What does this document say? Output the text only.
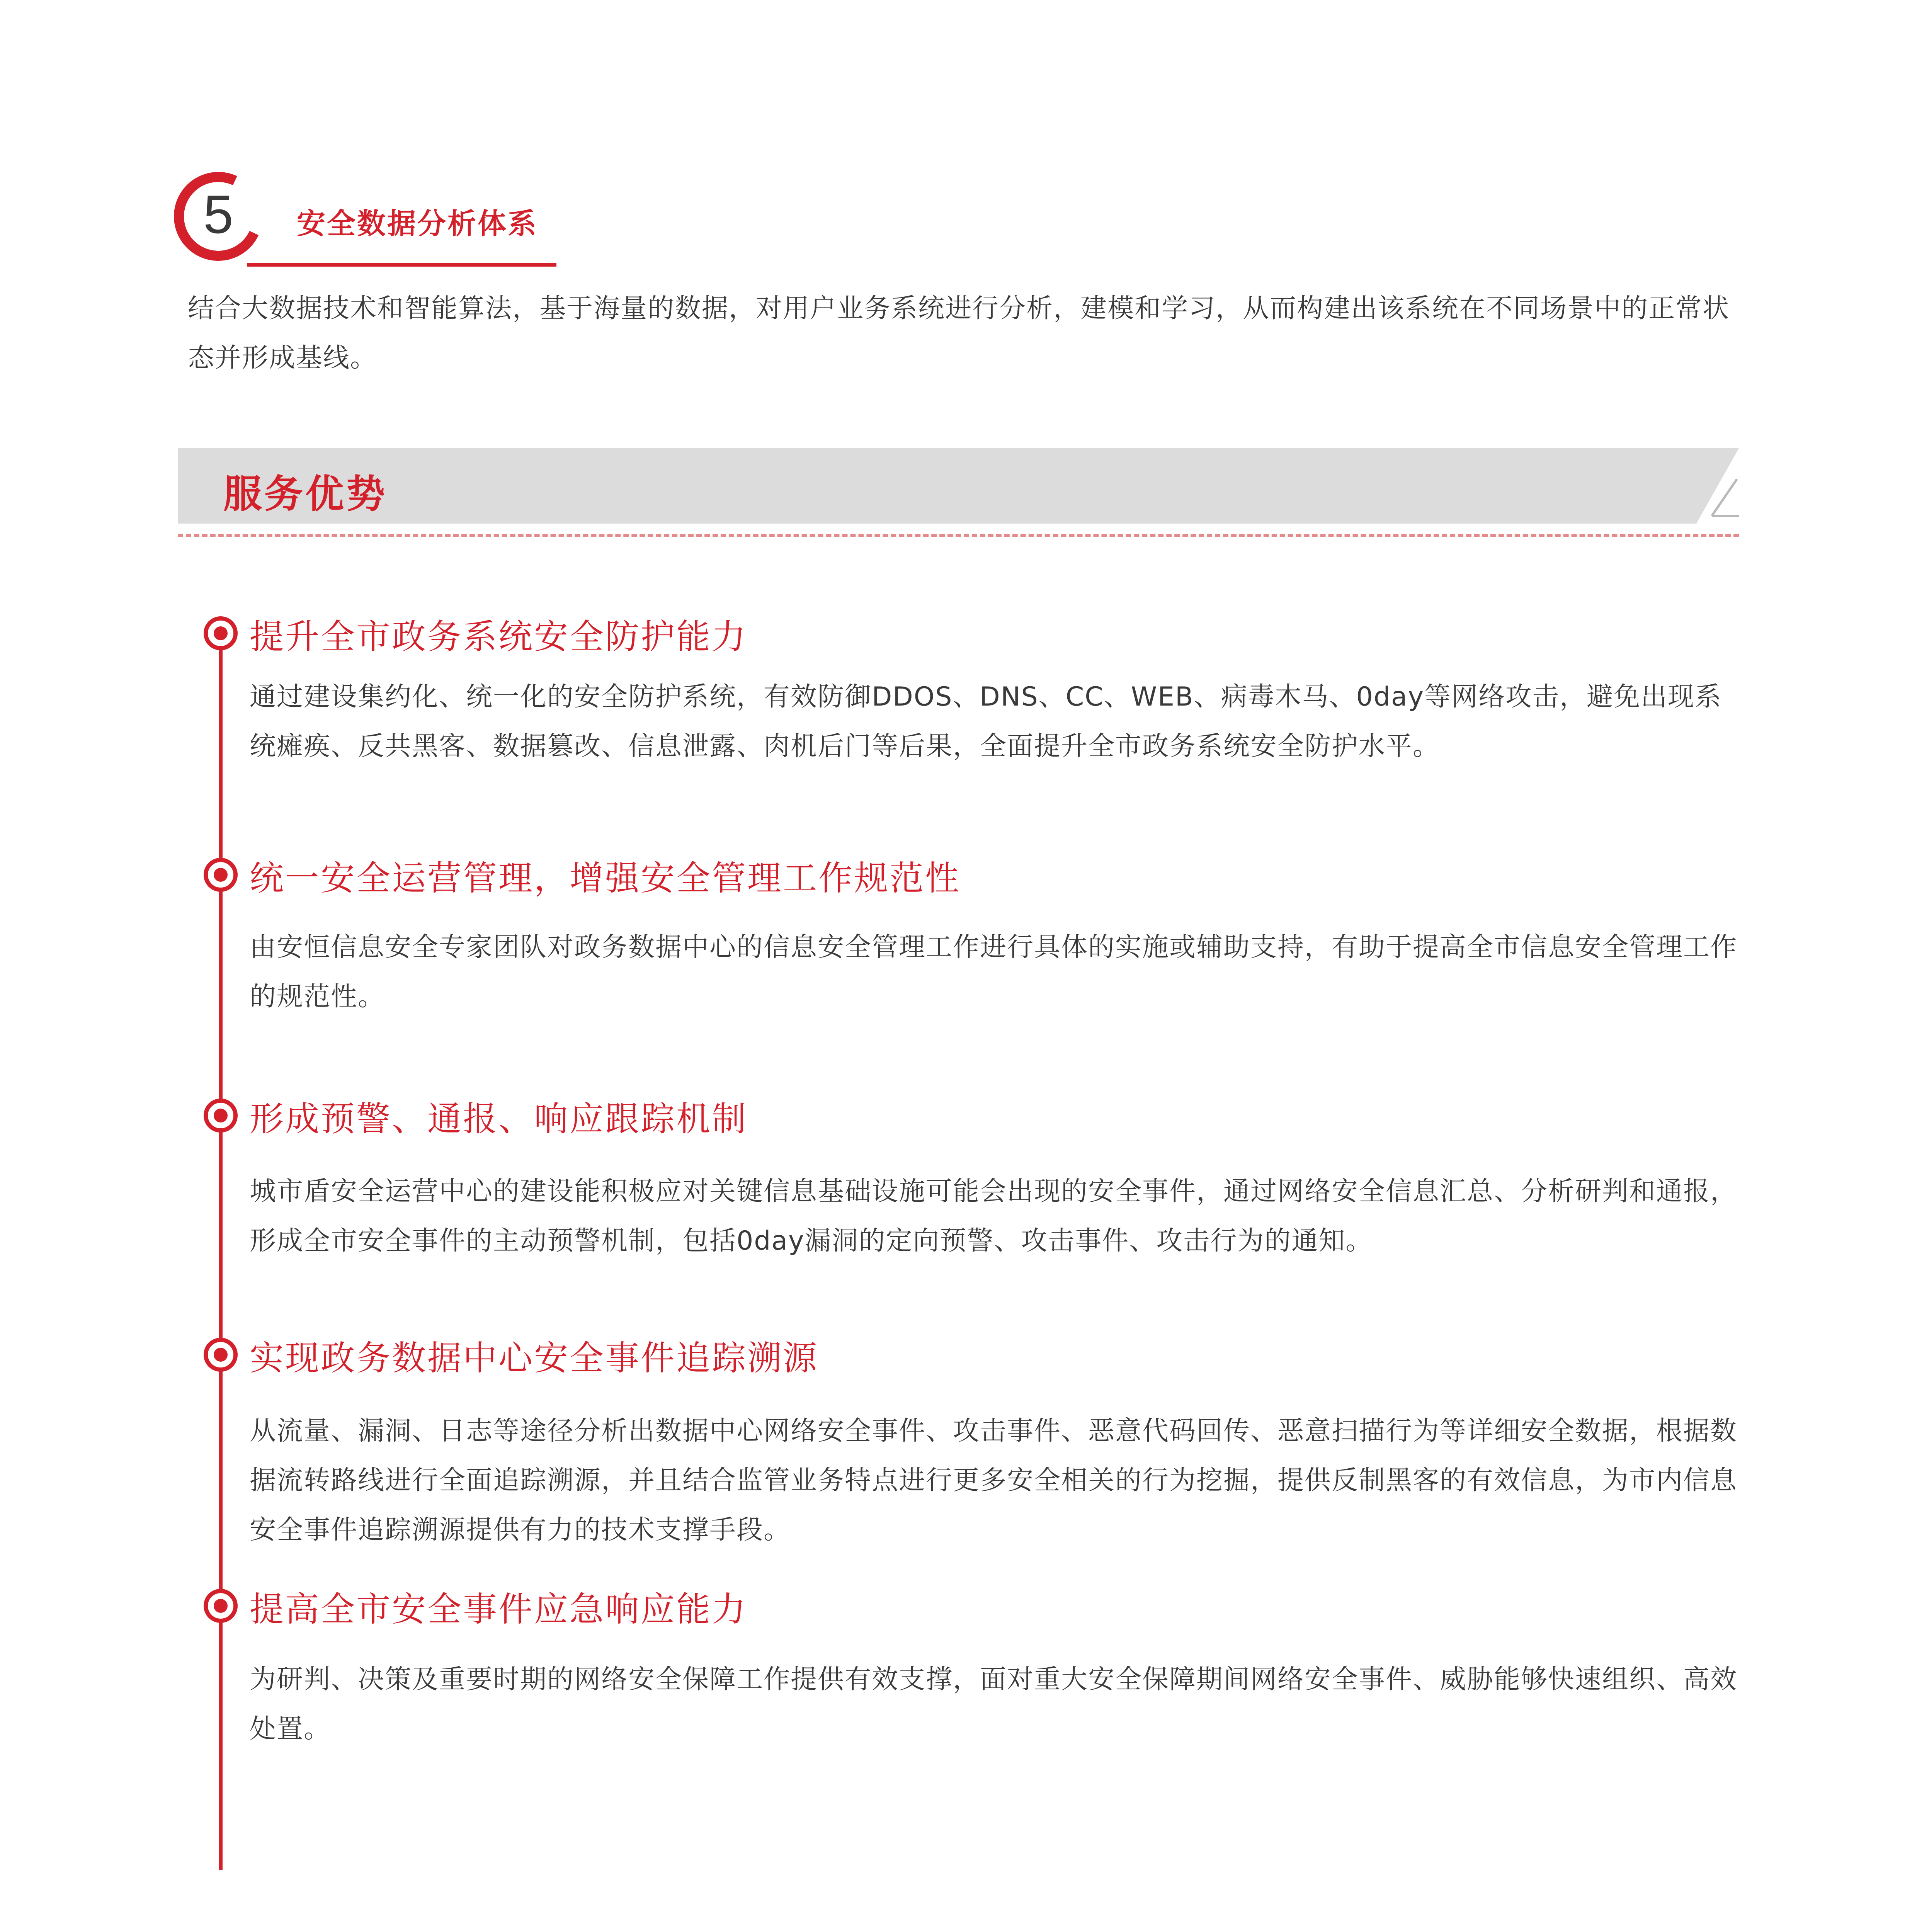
5	安全数据分析体系
结合大数据技术和智能算法，基于海量的数据，对用户业务系统进行分析，建模和学习，从而构建出该系统在不同场景中的正常状态并形成基线。
服务优势
提升全市政务系统安全防护能力
通过建设集约化、统一化的安全防护系统，有效防御DDOS、DNS、CC、WEB、病毒木马、0day等网络攻击，避免出现系统瘫痪、反共黑客、数据篡改、信息泄露、肉机后门等后果，全面提升全市政务系统安全防护水平。
统一安全运营管理，增强安全管理工作规范性
由安恒信息安全专家团队对政务数据中心的信息安全管理工作进行具体的实施或辅助支持，有助于提高全市信息安全管理工作的规范性。
形成预警、通报、响应跟踪机制
城市盾安全运营中心的建设能积极应对关键信息基础设施可能会出现的安全事件，通过网络安全信息汇总、分析研判和通报，形成全市安全事件的主动预警机制，包括0day漏洞的定向预警、攻击事件、攻击行为的通知。
实现政务数据中心安全事件追踪溯源
从流量、漏洞、日志等途径分析出数据中心网络安全事件、攻击事件、恶意代码回传、恶意扫描行为等详细安全数据，根据数据流转路线进行全面追踪溯源，并且结合监管业务特点进行更多安全相关的行为挖掘，提供反制黑客的有效信息，为市内信息安全事件追踪溯源提供有力的技术支撑手段。
提高全市安全事件应急响应能力
为研判、决策及重要时期的网络安全保障工作提供有效支撑，面对重大安全保障期间网络安全事件、威胁能够快速组织、高效处置。
